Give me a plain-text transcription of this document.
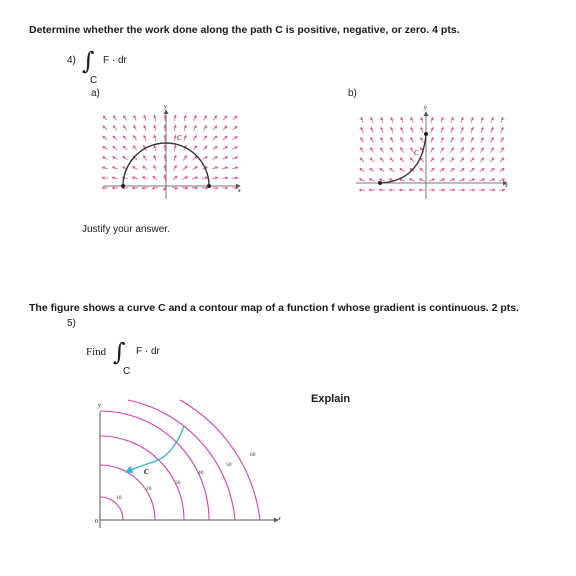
Determine whether the work done along the path C is positive, negative, or zero. 4 pts.
4) ∫ F · dr
C
a)	b)
y
x
C
y
x
C
Justify your answer.
The figure shows a curve C and a contour map of a function f whose gradient is continuous. 2 pts.
5)
Find ∫ F · dr
C
Explain
y
x
0
10
20
30
40
50
60
C
